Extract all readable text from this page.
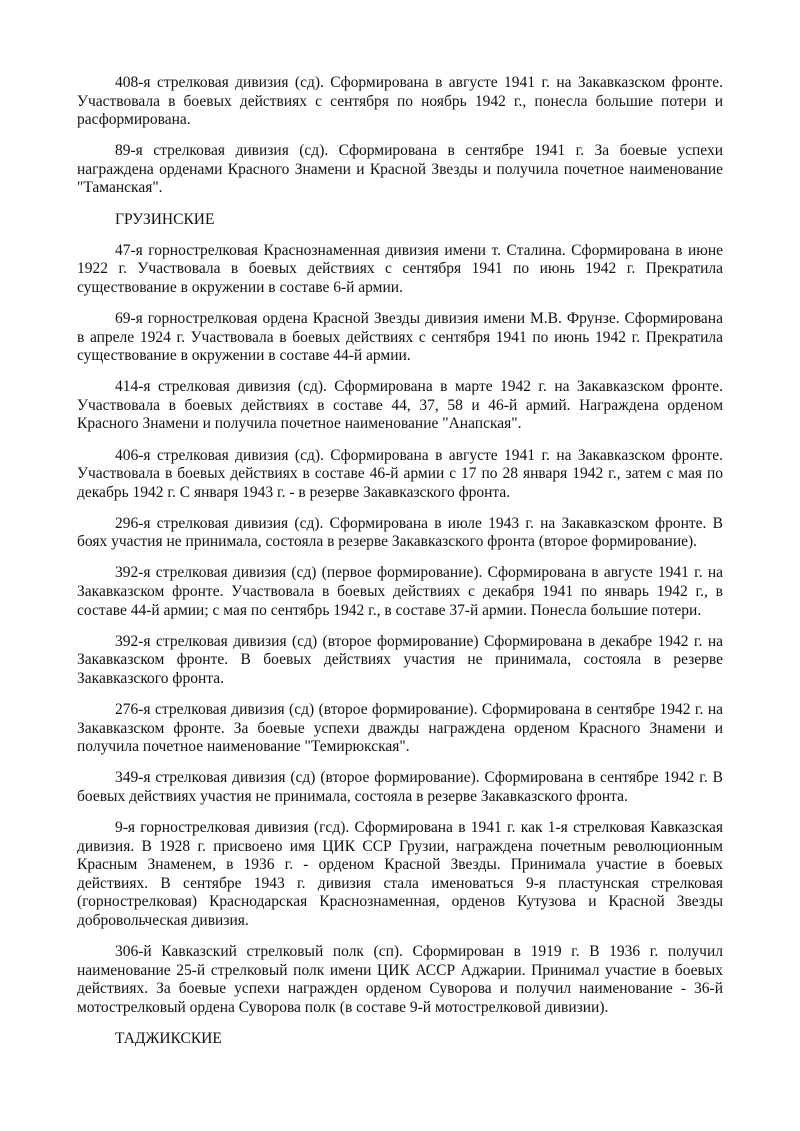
408-я стрелковая дивизия (сд). Сформирована в августе 1941 г. на Закавказском фронте. Участвовала в боевых действиях с сентября по ноябрь 1942 г., понесла большие потери и расформирована.

89-я стрелковая дивизия (сд). Сформирована в сентябре 1941 г. За боевые успехи награждена орденами Красного Знамени и Красной Звезды и получила почетное наименование "Таманская".

ГРУЗИНСКИЕ

47-я горнострелковая Краснознаменная дивизия имени т. Сталина. Сформирована в июне 1922 г. Участвовала в боевых действиях с сентября 1941 по июнь 1942 г. Прекратила существование в окружении в составе 6-й армии.

69-я горнострелковая ордена Красной Звезды дивизия имени М.В. Фрунзе. Сформирована в апреле 1924 г. Участвовала в боевых действиях с сентября 1941 по июнь 1942 г. Прекратила существование в окружении в составе 44-й армии.

414-я стрелковая дивизия (сд). Сформирована в марте 1942 г. на Закавказском фронте. Участвовала в боевых действиях в составе 44, 37, 58 и 46-й армий. Награждена орденом Красного Знамени и получила почетное наименование "Анапская".

406-я стрелковая дивизия (сд). Сформирована в августе 1941 г. на Закавказском фронте. Участвовала в боевых действиях в составе 46-й армии с 17 по 28 января 1942 г., затем с мая по декабрь 1942 г. С января 1943 г. - в резерве Закавказского фронта.

296-я стрелковая дивизия (сд). Сформирована в июле 1943 г. на Закавказском фронте. В боях участия не принимала, состояла в резерве Закавказского фронта (второе формирование).

392-я стрелковая дивизия (сд) (первое формирование). Сформирована в августе 1941 г. на Закавказском фронте. Участвовала в боевых действиях с декабря 1941 по январь 1942 г., в составе 44-й армии; с мая по сентябрь 1942 г., в составе 37-й армии. Понесла большие потери.

392-я стрелковая дивизия (сд) (второе формирование) Сформирована в декабре 1942 г. на Закавказском фронте. В боевых действиях участия не принимала, состояла в резерве Закавказского фронта.

276-я стрелковая дивизия (сд) (второе формирование). Сформирована в сентябре 1942 г. на Закавказском фронте. За боевые успехи дважды награждена орденом Красного Знамени и получила почетное наименование "Темирюкская".

349-я стрелковая дивизия (сд) (второе формирование). Сформирована в сентябре 1942 г. В боевых действиях участия не принимала, состояла в резерве Закавказского фронта.

9-я горнострелковая дивизия (гсд). Сформирована в 1941 г. как 1-я стрелковая Кавказская дивизия. В 1928 г. присвоено имя ЦИК ССР Грузии, награждена почетным революционным Красным Знаменем, в 1936 г. - орденом Красной Звезды. Принимала участие в боевых действиях. В сентябре 1943 г. дивизия стала именоваться 9-я пластунская стрелковая (горнострелковая) Краснодарская Краснознаменная, орденов Кутузова и Красной Звезды добровольческая дивизия.

306-й Кавказский стрелковый полк (сп). Сформирован в 1919 г. В 1936 г. получил наименование 25-й стрелковый полк имени ЦИК АССР Аджарии. Принимал участие в боевых действиях. За боевые успехи награжден орденом Суворова и получил наименование - 36-й мотострелковый ордена Суворова полк (в составе 9-й мотострелковой дивизии).

ТАДЖИКСКИЕ
